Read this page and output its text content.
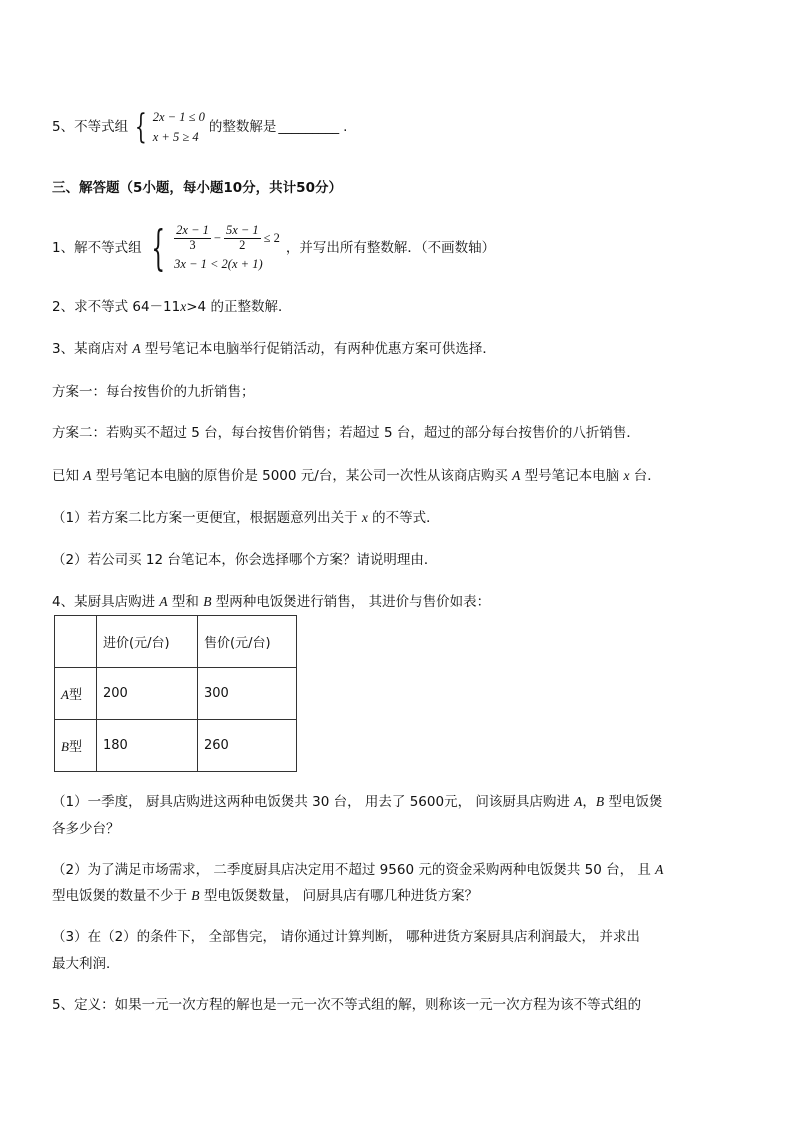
5、不等式组 { 2x − 1 ≤ 0
x + 5 ≥ 4
的整数解是 _________ .
三、解答题（5小题，每小题10分，共计50分）
1、解不等式组 { $\frac{2x - 1}{3} - \frac{5x - 1}{2} \le 2$
3x − 1 < 2(x + 1)
，并写出所有整数解．（不画数轴）
2、求不等式 64－11x>4 的正整数解．
3、某商店对 A 型号笔记本电脑举行促销活动，有两种优惠方案可供选择．
方案一：每台按售价的九折销售；
方案二：若购买不超过 5 台，每台按售价销售；若超过 5 台，超过的部分每台按售价的八折销售．
已知 A 型号笔记本电脑的原售价是 5000 元/台，某公司一次性从该商店购买 A 型号笔记本电脑 x 台．
（1）若方案二比方案一更便宜，根据题意列出关于 x 的不等式．
（2）若公司买 12 台笔记本，你会选择哪个方案？请说明理由．
4、某厨具店购进 A 型和 B 型两种电饭煲进行销售， 其进价与售价如表：
	进价(元/台)	售价(元/台)
A型	200	300
B型	180	260
（1）一季度， 厨具店购进这两种电饭煲共 30 台， 用去了 5600元， 问该厨具店购进 A，B 型电饭煲
各多少台？
（2）为了满足市场需求， 二季度厨具店决定用不超过 9560 元的资金采购两种电饭煲共 50 台， 且 A
型电饭煲的数量不少于 B 型电饭煲数量， 问厨具店有哪几种进货方案？
（3）在（2）的条件下， 全部售完， 请你通过计算判断， 哪种进货方案厨具店利润最大， 并求出
最大利润．
5、定义：如果一元一次方程的解也是一元一次不等式组的解，则称该一元一次方程为该不等式组的
